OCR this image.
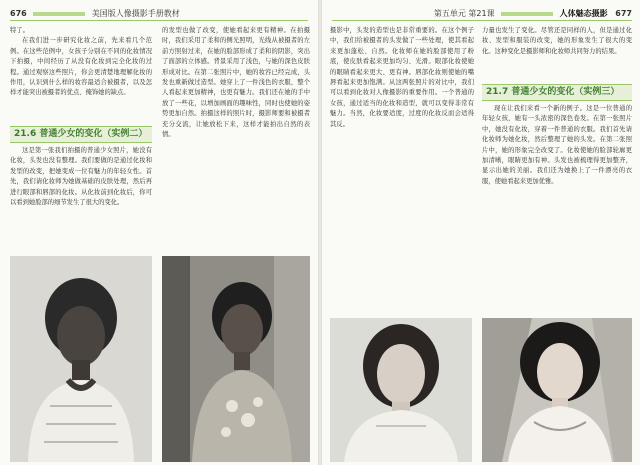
676	美国版人像摄影手册教材

特了。

在我们进一步研究化妆之前，先来看几个范例。在这些范例中，女孩子分别在不同的化妆情况下拍摄，中间经历了从没有化妆到完全化妆的过程。通过观察这些照片，你会更清楚地理解化妆的作用，认识到什么样的妆容最适合被摄者，以及怎样才能突出被摄者的优点、掩饰她的缺点。

21.6 普通少女的变化（实例二）

这是第一张我们拍摄的普通少女照片，她没有化妆，头发也没有整理。我们要做的是通过化妆和发型的改变，把她变成一位有魅力的年轻女性。首先，我们请化妆师为她做基础的皮肤处理，然后再进行眼部和唇部的化妆。从化妆前到化妆后，你可以看到她脸部的细节发生了很大的变化。

的发型也做了改变，使她看起来更有精神。在拍摄时，我们采用了柔和的侧光照明，光线从被摄者的左前方照射过来，在她的脸部形成了柔和的阴影，突出了面部的立体感。背景采用了浅色，与她的深色皮肤形成对比。在第二张照片中，她的妆容已经完成，头发也重新做过造型。她穿上了一件浅色的衣服，整个人看起来更加精神，也更有魅力。我们还在她的手中放了一些花，以增加画面的趣味性，同时也使她的姿势更加自然。拍摄这样的照片时，摄影师要和被摄者充分交流，让她放松下来，这样才能拍出自然的表情。

第五单元 第21课	人体魅态摄影 677

摄影中，头发的造型也是非常重要的。在这个例子中，我们给被摄者的头发做了一些处理，使其看起来更加蓬松、自然。化妆师在她的脸部使用了粉底，使皮肤看起来更加均匀、光滑。眼部化妆使她的眼睛看起来更大、更有神。唇部化妆则使她的嘴唇看起来更加饱满。从这两张照片的对比中，我们可以看到化妆对人像摄影的重要作用。一个普通的女孩，通过适当的化妆和造型，就可以变得非常有魅力。当然，化妆要适度，过度的化妆反而会适得其反。

力量也发生了变化。尽管还是同样的人，但是通过化妆、发型和服装的改变，她的形象发生了很大的变化。这种变化是摄影师和化妆师共同努力的结果。

21.7 普通少女的变化（实例三）

现在让我们来看一个新的例子。这是一位普通的年轻女孩，她有一头浓密的深色卷发。在第一张照片中，她没有化妆，穿着一件普通的衣服。我们首先请化妆师为她化妆，然后整理了她的头发。在第二张照片中，她的形象完全改变了。化妆使她的脸部轮廓更加清晰，眼睛更加有神。头发也被梳理得更加整齐，显示出她的美丽。我们还为她换上了一件漂亮的衣服，使她看起来更加优雅。
